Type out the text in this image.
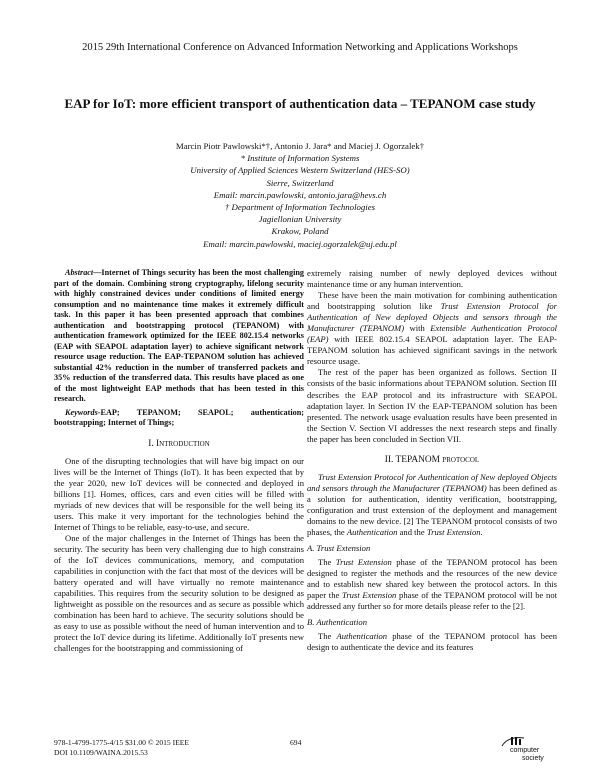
2015 29th International Conference on Advanced Information Networking and Applications Workshops
EAP for IoT: more efficient transport of authentication data – TEPANOM case study
Marcin Piotr Pawlowski*†, Antonio J. Jara* and Maciej J. Ogorzalek†
* Institute of Information Systems
University of Applied Sciences Western Switzerland (HES-SO)
Sierre, Switzerland
Email: marcin.pawlowski, antonio.jara@hevs.ch
† Department of Information Technologies
Jagiellonian University
Krakow, Poland
Email: marcin.pawlowski, maciej.ogorzalek@uj.edu.pl

Abstract—Internet of Things security has been the most challenging part of the domain. Combining strong cryptography, lifelong security with highly constrained devices under conditions of limited energy consumption and no maintenance time makes it extremely difficult task. In this paper it has been presented approach that combines authentication and bootstrapping protocol (TEPANOM) with authentication framework optimized for the IEEE 802.15.4 networks (EAP with SEAPOL adaptation layer) to achieve significant network resource usage reduction. The EAP-TEPANOM solution has achieved substantial 42% reduction in the number of transferred packets and 35% reduction of the transferred data. This results have placed as one of the most lightweight EAP methods that has been tested in this research.

Keywords-EAP; TEPANOM; SEAPOL; authentication; bootstrapping; Internet of Things;

I. Introduction

One of the disrupting technologies that will have big impact on our lives will be the Internet of Things (IoT). It has been expected that by the year 2020, new IoT devices will be connected and deployed in billions [1]. Homes, offices, cars and even cities will be filled with myriads of new devices that will be responsible for the well being its users. This make it very important for the technologies behind the Internet of Things to be reliable, easy-to-use, and secure.

One of the major challenges in the Internet of Things has been the security. The security has been very challenging due to high constrains of the IoT devices communications, memory, and computation capabilities in conjunction with the fact that most of the devices will be battery operated and will have virtually no remote maintenance capabilities. This requires from the security solution to be designed as lightweight as possible on the resources and as secure as possible which combination has been hard to achieve. The security solutions should be as easy to use as possible without the need of human intervention and to protect the IoT device during its lifetime. Additionally IoT presents new challenges for the bootstrapping and commissioning of

extremely raising number of newly deployed devices without maintenance time or any human intervention.

These have been the main motivation for combining authentication and bootstrapping solution like Trust Extension Protocol for Authentication of New deployed Objects and sensors through the Manufacturer (TEPANOM) with Extensible Authentication Protocol (EAP) with IEEE 802.15.4 SEAPOL adaptation layer. The EAP-TEPANOM solution has achieved significant savings in the network resource usage.

The rest of the paper has been organized as follows. Section II consists of the basic informations about TEPANOM solution. Section III describes the EAP protocol and its infrastructure with SEAPOL adaptation layer. In Section IV the EAP-TEPANOM solution has been presented. The network usage evaluation results have been presented in the Section V. Section VI addresses the next research steps and finally the paper has been concluded in Section VII.

II. TEPANOM protocol

Trust Extension Protocol for Authentication of New deployed Objects and sensors through the Manufacturer (TEPANOM) has been defined as a solution for authentication, identity verification, bootstrapping, configuration and trust extension of the deployment and management domains to the new device. [2] The TEPANOM protocol consists of two phases, the Authentication and the Trust Extension.

A. Trust Extension

The Trust Extension phase of the TEPANOM protocol has been designed to register the methods and the resources of the new device and to establish new shared key between the protocol actors. In this paper the Trust Extension phase of the TEPANOM protocol will be not addressed any further so for more details please refer to the [2].

B. Authentication

The Authentication phase of the TEPANOM protocol has been design to authenticate the device and its features

978-1-4799-1775-4/15 $31.00 © 2015 IEEE
DOI 10.1109/WAINA.2015.53
694
computer
society
